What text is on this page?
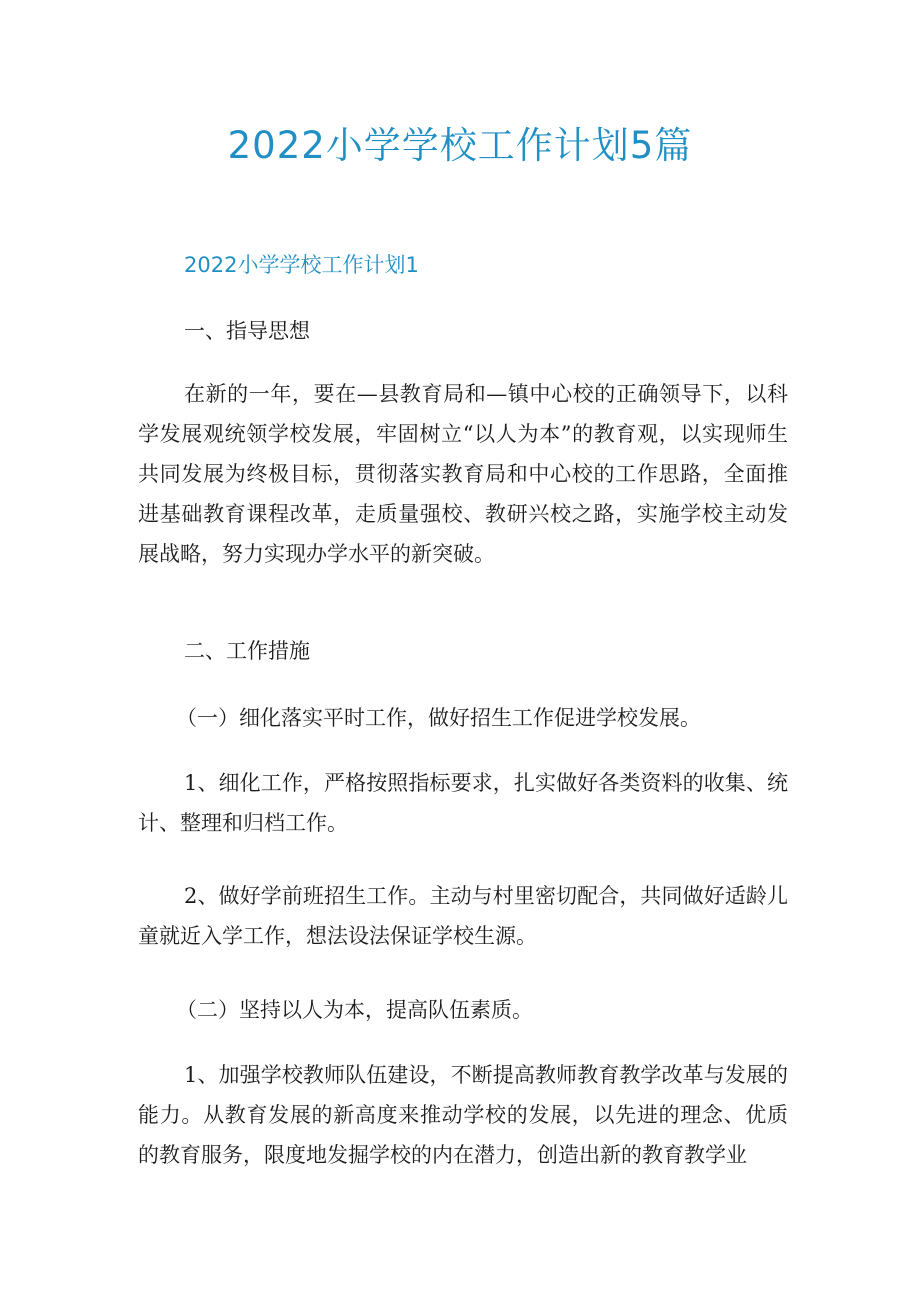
2022小学学校工作计划5篇
2022小学学校工作计划1

一、指导思想

在新的一年，要在—县教育局和—镇中心校的正确领导下，以科学发展观统领学校发展，牢固树立“以人为本”的教育观，以实现师生共同发展为终极目标，贯彻落实教育局和中心校的工作思路，全面推进基础教育课程改革，走质量强校、教研兴校之路，实施学校主动发展战略，努力实现办学水平的新突破。

二、工作措施

（一）细化落实平时工作，做好招生工作促进学校发展。

1、细化工作，严格按照指标要求，扎实做好各类资料的收集、统计、整理和归档工作。

2、做好学前班招生工作。主动与村里密切配合，共同做好适龄儿童就近入学工作，想法设法保证学校生源。

（二）坚持以人为本，提高队伍素质。

1、加强学校教师队伍建设，不断提高教师教育教学改革与发展的能力。从教育发展的新高度来推动学校的发展，以先进的理念、优质的教育服务，限度地发掘学校的内在潜力，创造出新的教育教学业
